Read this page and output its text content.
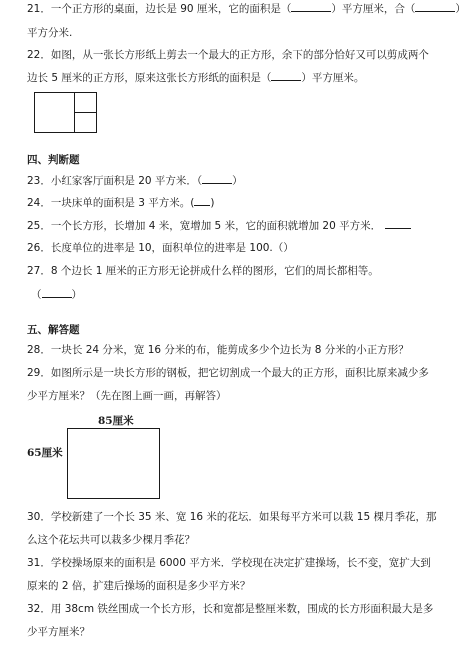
21．一个正方形的桌面，边长是 90 厘米，它的面积是（	）平方厘米，合（	）
平方分米.
22．如图，从一张长方形纸上剪去一个最大的正方形，余下的部分恰好又可以剪成两个
边长 5 厘米的正方形，原来这张长方形纸的面积是（	）平方厘米。
四、判断题
23．小红家客厅面积是 20 平方米．（	）
24．一块床单的面积是 3 平方米。( )
25．一个长方形，长增加 4 米，宽增加 5 米，它的面积就增加 20 平方米．
26．长度单位的进率是 10，面积单位的进率是 100.（）
27．8 个边长 1 厘米的正方形无论拼成什么样的图形，它们的周长都相等。
（	）
五、解答题
28．一块长 24 分米，宽 16 分米的布，能剪成多少个边长为 8 分米的小正方形？
29．如图所示是一块长方形的钢板，把它切割成一个最大的正方形，面积比原来减少多
少平方厘米？（先在图上画一画，再解答）
85厘米
65厘米
30．学校新建了一个长 35 米、宽 16 米的花坛．如果每平方米可以栽 15 棵月季花，那
么这个花坛共可以栽多少棵月季花？
31．学校操场原来的面积是 6000 平方米．学校现在决定扩建操场，长不变，宽扩大到
原来的 2 倍，扩建后操场的面积是多少平方米？
32．用 38cm 铁丝围成一个长方形，长和宽都是整厘米数，围成的长方形面积最大是多
少平方厘米？
